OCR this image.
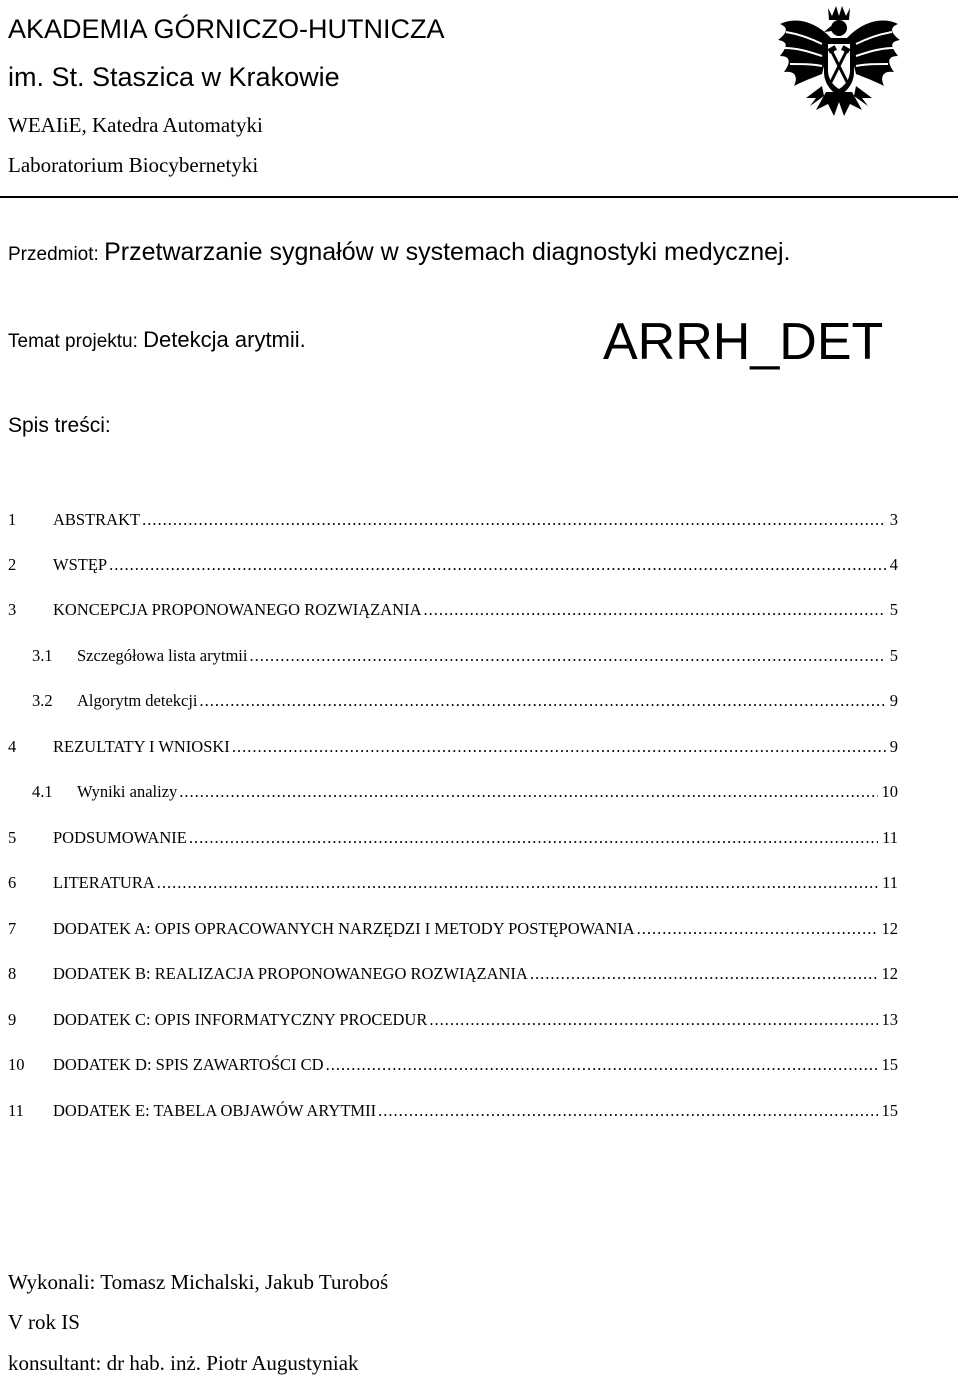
AKADEMIA GÓRNICZO-HUTNICZA
im. St. Staszica w Krakowie
WEAIiE, Katedra Automatyki
Laboratorium Biocybernetyki
Przedmiot: Przetwarzanie sygnałów w systemach diagnostyki medycznej.
Temat projektu: Detekcja arytmii.	ARRH_DET
Spis treści:
1	ABSTRAKT .....	3
2	WSTĘP .....	4
3	KONCEPCJA PROPONOWANEGO ROZWIĄZANIA .....	5
3.1	Szczegółowa lista arytmii .....	5
3.2	Algorytm detekcji .....	9
4	REZULTATY I WNIOSKI .....	9
4.1	Wyniki analizy .....	10
5	PODSUMOWANIE .....	11
6	LITERATURA .....	11
7	DODATEK A: OPIS OPRACOWANYCH NARZĘDZI I METODY POSTĘPOWANIA .....	12
8	DODATEK B: REALIZACJA PROPONOWANEGO ROZWIĄZANIA .....	12
9	DODATEK C: OPIS INFORMATYCZNY PROCEDUR .....	13
10	DODATEK D: SPIS ZAWARTOŚCI CD .....	15
11	DODATEK E: TABELA OBJAWÓW ARYTMII .....	15
Wykonali: Tomasz Michalski, Jakub Turoboś
V rok IS
konsultant: dr hab. inż. Piotr Augustyniak
